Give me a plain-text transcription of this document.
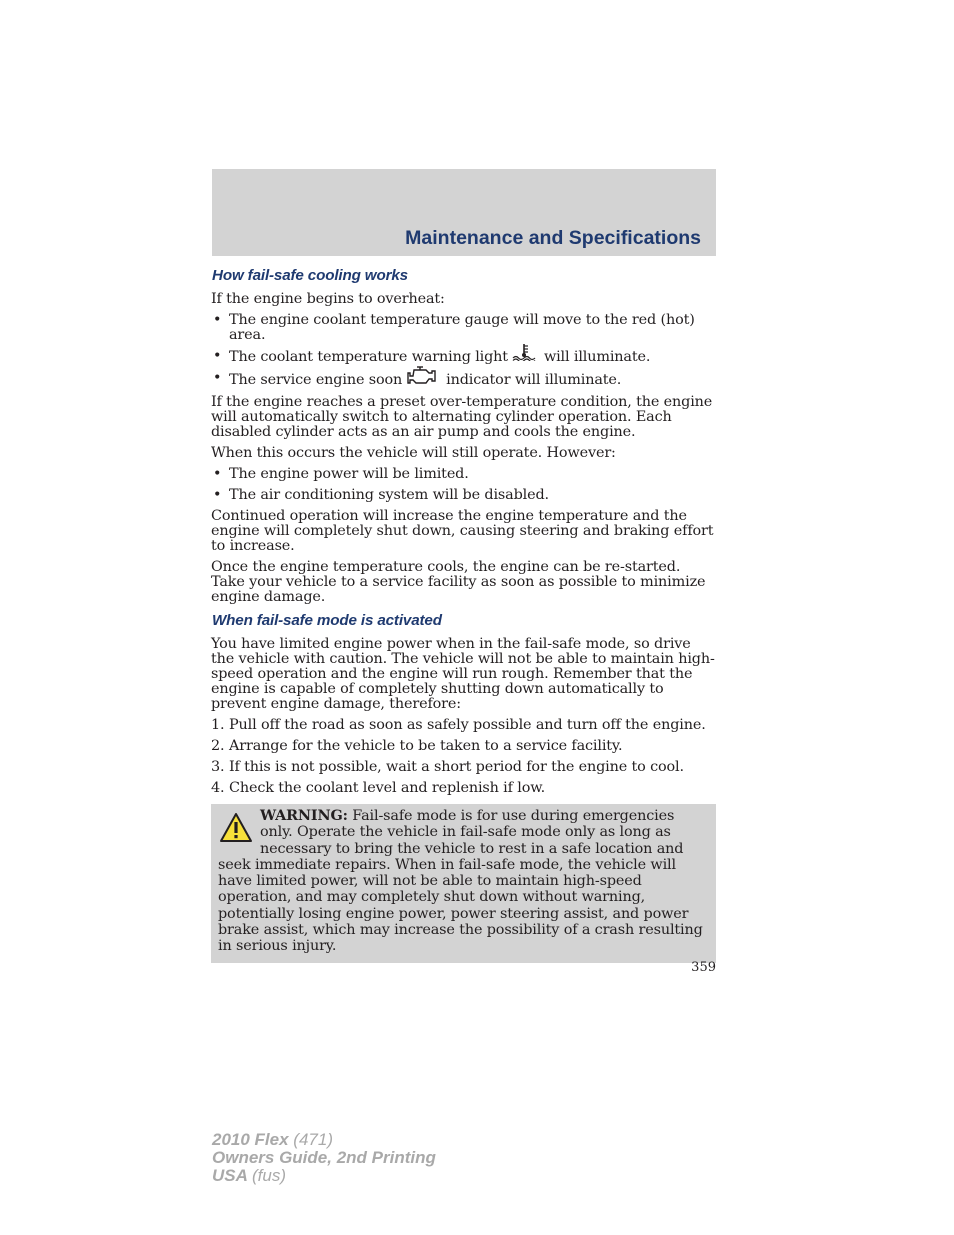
Maintenance and Specifications
How fail-safe cooling works

If the engine begins to overheat:

• The engine coolant temperature gauge will move to the red (hot) area.
• The coolant temperature warning light	will illuminate.
• The service engine soon	indicator will illuminate.

If the engine reaches a preset over-temperature condition, the engine will automatically switch to alternating cylinder operation. Each disabled cylinder acts as an air pump and cools the engine.

When this occurs the vehicle will still operate. However:

• The engine power will be limited.
• The air conditioning system will be disabled.

Continued operation will increase the engine temperature and the engine will completely shut down, causing steering and braking effort to increase.

Once the engine temperature cools, the engine can be re-started. Take your vehicle to a service facility as soon as possible to minimize engine damage.

When fail-safe mode is activated

You have limited engine power when in the fail-safe mode, so drive the vehicle with caution. The vehicle will not be able to maintain high-speed operation and the engine will run rough. Remember that the engine is capable of completely shutting down automatically to prevent engine damage, therefore:

1. Pull off the road as soon as safely possible and turn off the engine.
2. Arrange for the vehicle to be taken to a service facility.
3. If this is not possible, wait a short period for the engine to cool.
4. Check the coolant level and replenish if low.
WARNING: Fail-safe mode is for use during emergencies only. Operate the vehicle in fail-safe mode only as long as necessary to bring the vehicle to rest in a safe location and seek immediate repairs. When in fail-safe mode, the vehicle will have limited power, will not be able to maintain high-speed operation, and may completely shut down without warning, potentially losing engine power, power steering assist, and power brake assist, which may increase the possibility of a crash resulting in serious injury.
359
2010 Flex (471)
Owners Guide, 2nd Printing
USA (fus)
